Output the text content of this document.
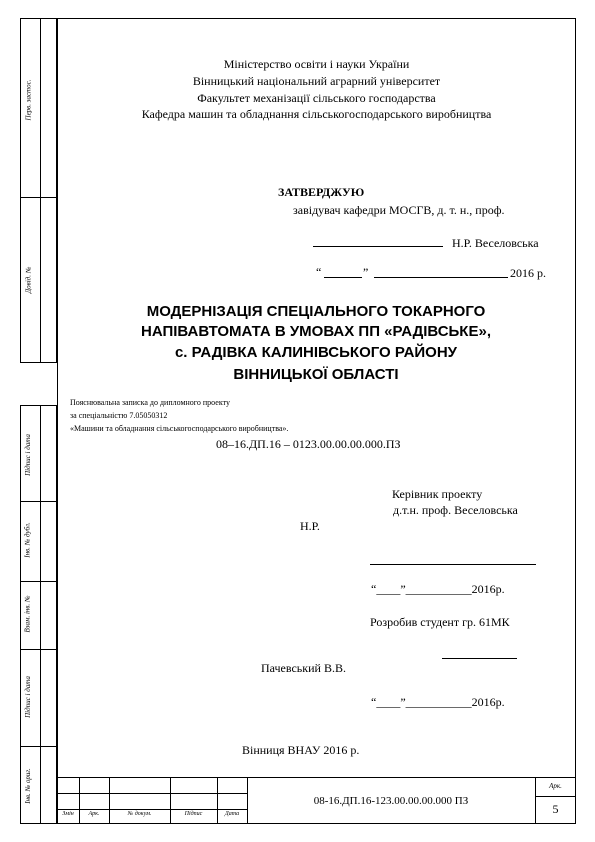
Перв. застос.
Довід. №
Підпис і дата
Інв. № дубл.
Взам. інв. №
Підпис і дата
Інв. № ориг.
Міністерство освіти і науки України
Вінницький національний аграрний університет
Факультет механізації сільського господарства
Кафедра машин та обладнання сільськогосподарського виробництва
ЗАТВЕРДЖУЮ
завідувач кафедри МОСГВ, д. т. н., проф.
Н.Р. Веселовська
“	”	2016 р.
МОДЕРНІЗАЦІЯ СПЕЦІАЛЬНОГО ТОКАРНОГО
НАПІВАВТОМАТА В УМОВАХ ПП «РАДІВСЬКЕ»,
с. РАДІВКА КАЛИНІВСЬКОГО РАЙОНУ
ВІННИЦЬКОЇ ОБЛАСТІ
Пояснювальна записка до дипломного проекту
за спеціальністю 7.05050312
«Машини та обладнання сільськогосподарського виробництва».
08–16.ДП.16 – 0123.00.00.00.000.ПЗ
Керівник проекту
д.т.н. проф. Веселовська
Н.Р.
“____”___________2016р.
Розробив студент гр. 61МК
Пачевський В.В.
“____”___________2016р.
Вінниця ВНАУ 2016 р.
Змін	Арк.	№ докум.	Підпис	Дата
08-16.ДП.16-123.00.00.00.000 ПЗ
Арк.
5
